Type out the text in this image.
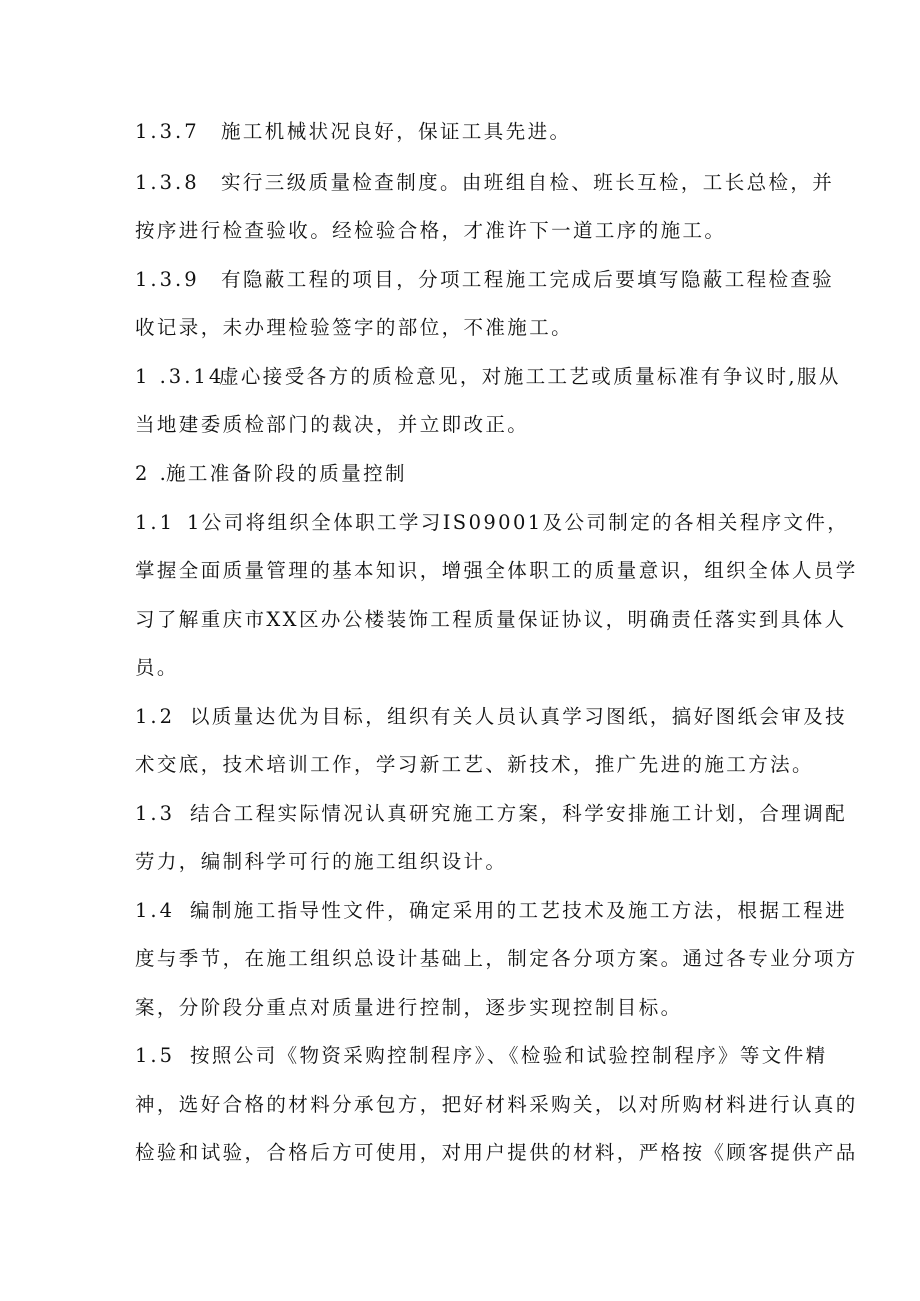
1.3.7 施工机械状况良好，保证工具先进。
1.3.8 实行三级质量检查制度。由班组自检、班长互检，工长总检，并
按序进行检查验收。经检验合格，才准许下一道工序的施工。
1.3.9 有隐蔽工程的项目，分项工程施工完成后要填写隐蔽工程检查验
收记录，未办理检验签字的部位，不准施工。
1 .3.14虚心接受各方的质检意见，对施工工艺或质量标准有争议时,服从
当地建委质检部门的裁决，并立即改正。
2 .施工准备阶段的质量控制
1.1 1公司将组织全体职工学习IS09001及公司制定的各相关程序文件，
掌握全面质量管理的基本知识，增强全体职工的质量意识，组织全体人员学
习了解重庆市XX区办公楼装饰工程质量保证协议，明确责任落实到具体人
员。
1.2 以质量达优为目标，组织有关人员认真学习图纸，搞好图纸会审及技
术交底，技术培训工作，学习新工艺、新技术，推广先进的施工方法。
1.3 结合工程实际情况认真研究施工方案，科学安排施工计划，合理调配
劳力，编制科学可行的施工组织设计。
1.4 编制施工指导性文件，确定采用的工艺技术及施工方法，根据工程进
度与季节，在施工组织总设计基础上，制定各分项方案。通过各专业分项方
案，分阶段分重点对质量进行控制，逐步实现控制目标。
1.5 按照公司《物资采购控制程序》、《检验和试验控制程序》等文件精
神，选好合格的材料分承包方，把好材料采购关，以对所购材料进行认真的
检验和试验，合格后方可使用，对用户提供的材料，严格按《顾客提供产品
